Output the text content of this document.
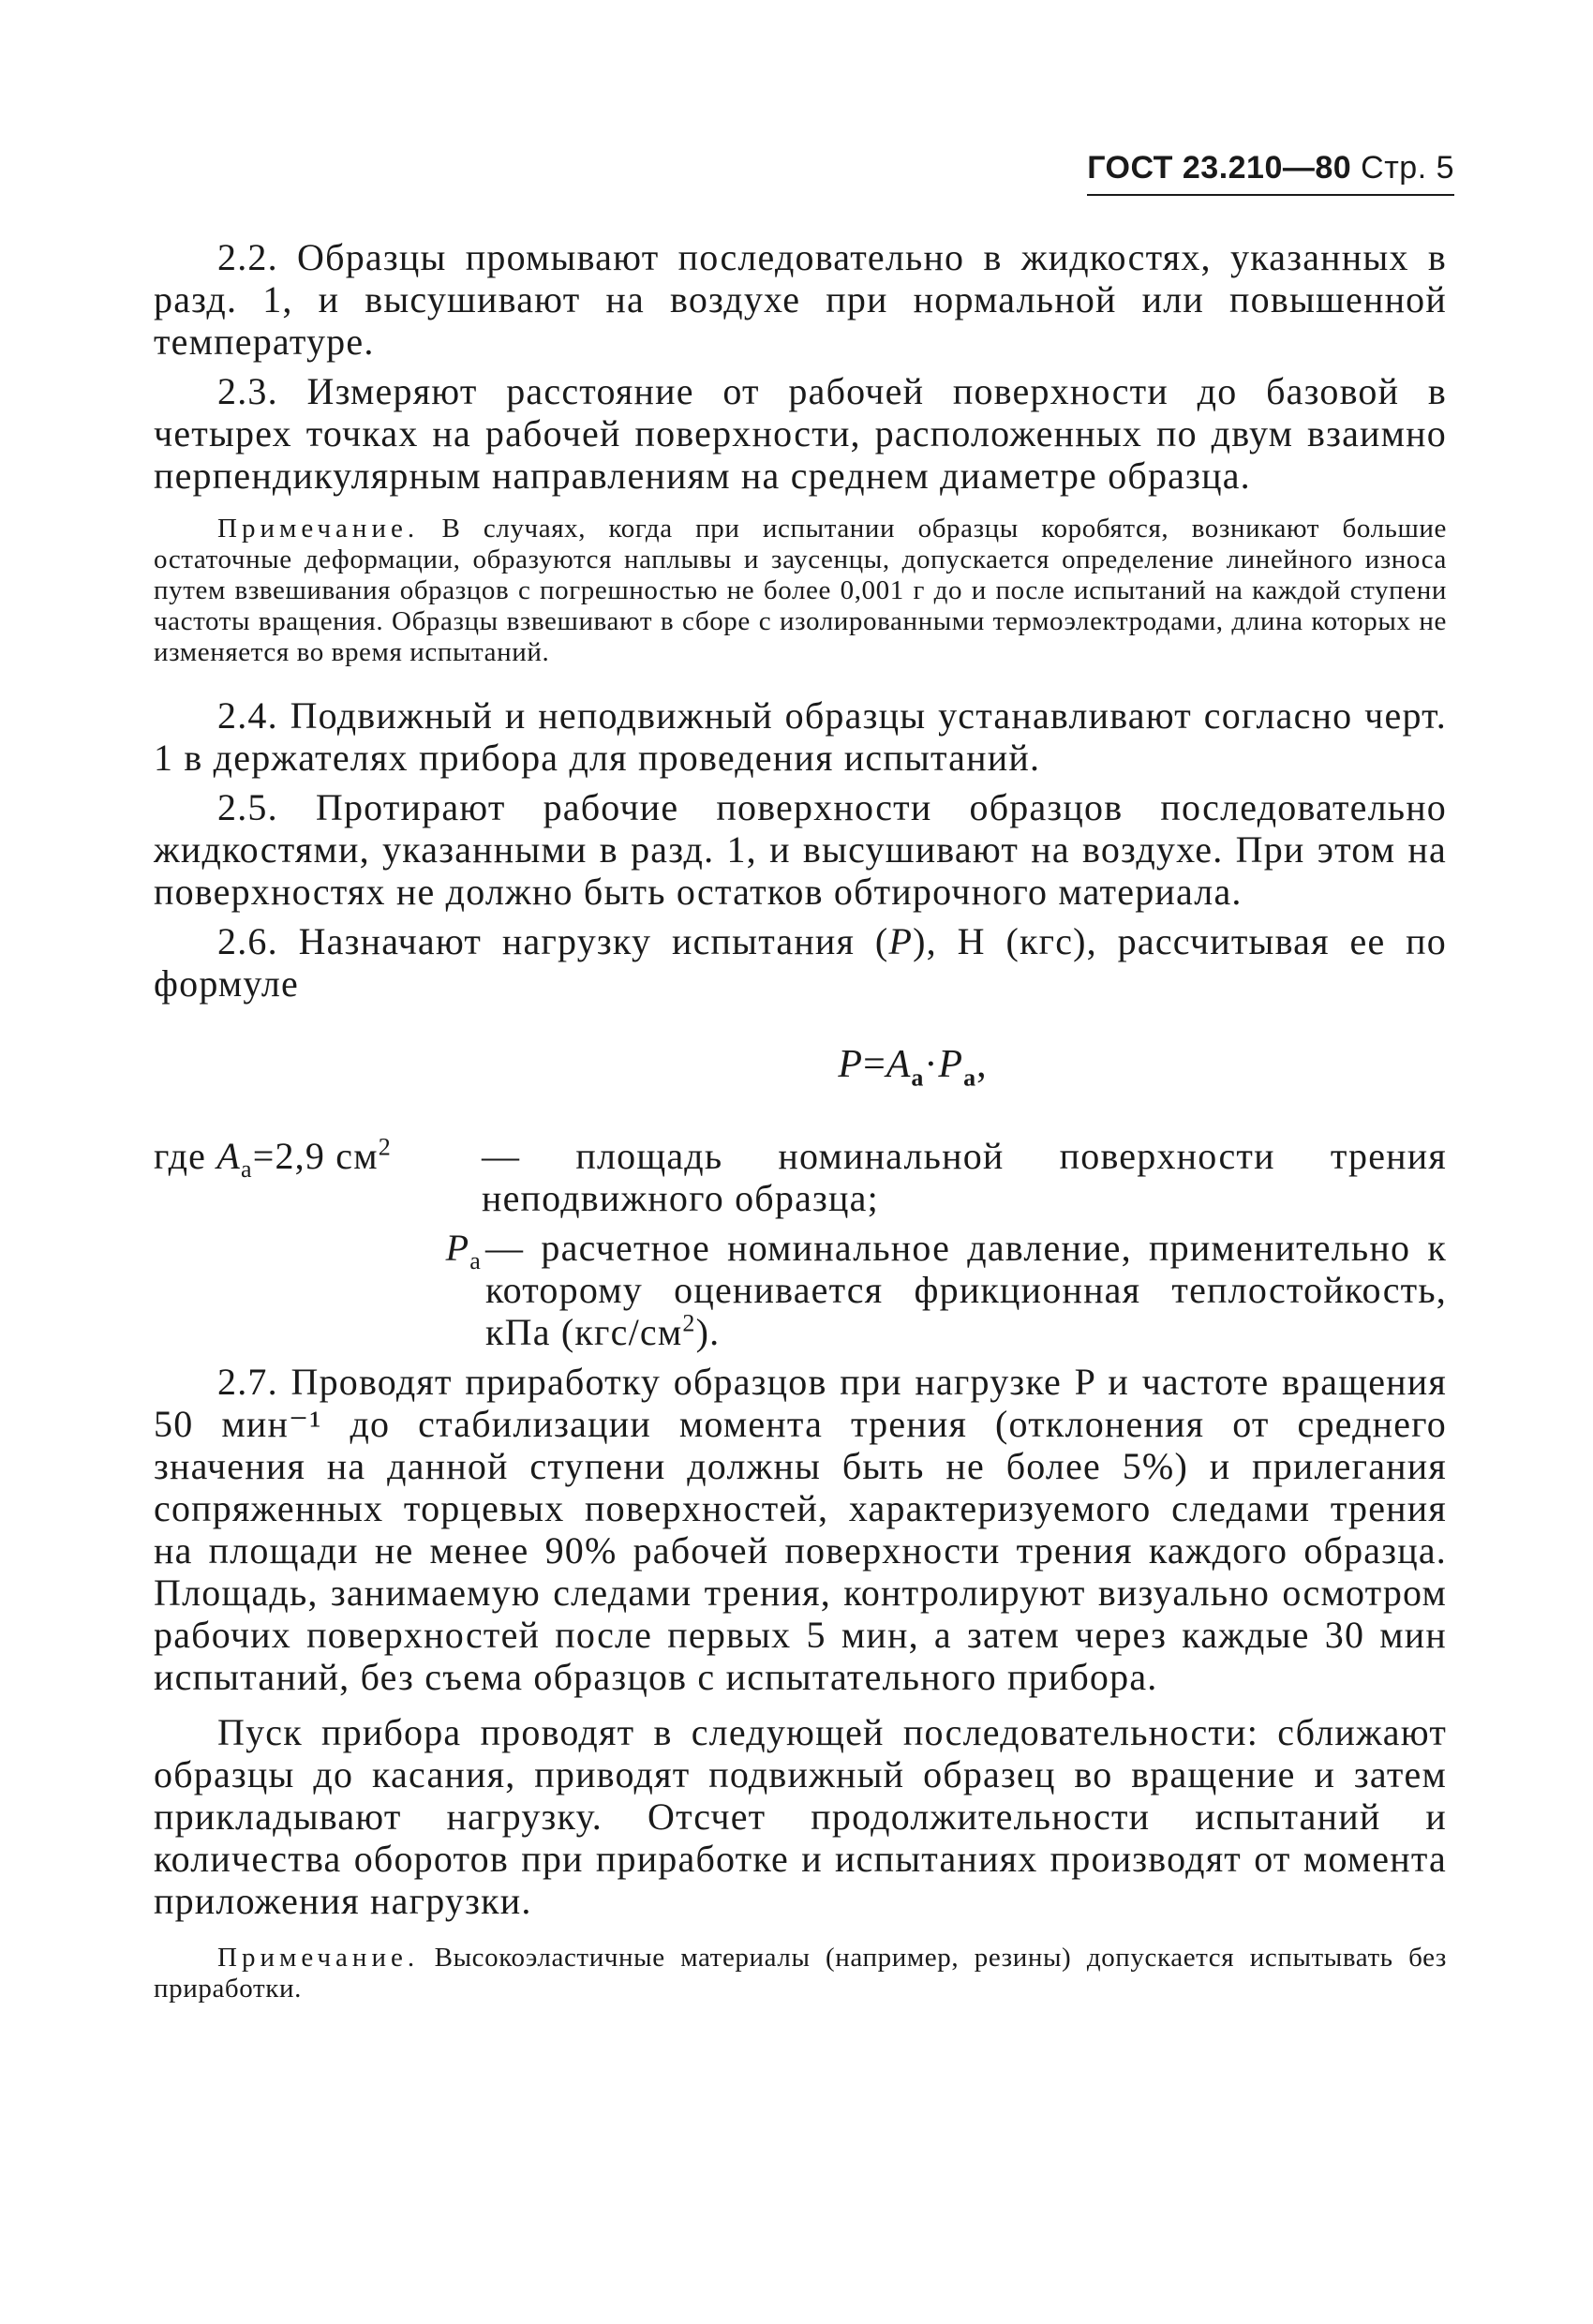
ГОСТ 23.210—80 Стр. 5

2.2. Образцы промывают последовательно в жидкостях, указанных в разд. 1, и высушивают на воздухе при нормальной или повышенной температуре.

2.3. Измеряют расстояние от рабочей поверхности до базовой в четырех точках на рабочей поверхности, расположенных по двум взаимно перпендикулярным направлениям на среднем диаметре образца.

Примечание. В случаях, когда при испытании образцы коробятся, возникают большие остаточные деформации, образуются наплывы и заусенцы, допускается определение линейного износа путем взвешивания образцов с погрешностью не более 0,001 г до и после испытаний на каждой ступени частоты вращения. Образцы взвешивают в сборе с изолированными термоэлектродами, длина которых не изменяется во время испытаний.

2.4. Подвижный и неподвижный образцы устанавливают согласно черт. 1 в держателях прибора для проведения испытаний.

2.5. Протирают рабочие поверхности образцов последовательно жидкостями, указанными в разд. 1, и высушивают на воздухе. При этом на поверхностях не должно быть остатков обтирочного материала.

2.6. Назначают нагрузку испытания (P), Н (кгс), рассчитывая ее по формуле

$P=A_a\cdot P_a$,
где $A_a=2,9$ $см^2$	— площадь номинальной поверхности трения неподвижного образца;
$P_a$ — расчетное номинальное давление, применительно к которому оценивается фрикционная теплостойкость, кПа $(кгс/см^2)$.

2.7. Проводят приработку образцов при нагрузке P и частоте вращения 50 мин⁻¹ до стабилизации момента трения (отклонения от среднего значения на данной ступени должны быть не более 5%) и прилегания сопряженных торцевых поверхностей, характеризуемого следами трения на площади не менее 90% рабочей поверхности трения каждого образца. Площадь, занимаемую следами трения, контролируют визуально осмотром рабочих поверхностей после первых 5 мин, а затем через каждые 30 мин испытаний, без съема образцов с испытательного прибора.

Пуск прибора проводят в следующей последовательности: сближают образцы до касания, приводят подвижный образец во вращение и затем прикладывают нагрузку. Отсчет продолжительности испытаний и количества оборотов при приработке и испытаниях производят от момента приложения нагрузки.

Примечание. Высокоэластичные материалы (например, резины) допускается испытывать без приработки.
